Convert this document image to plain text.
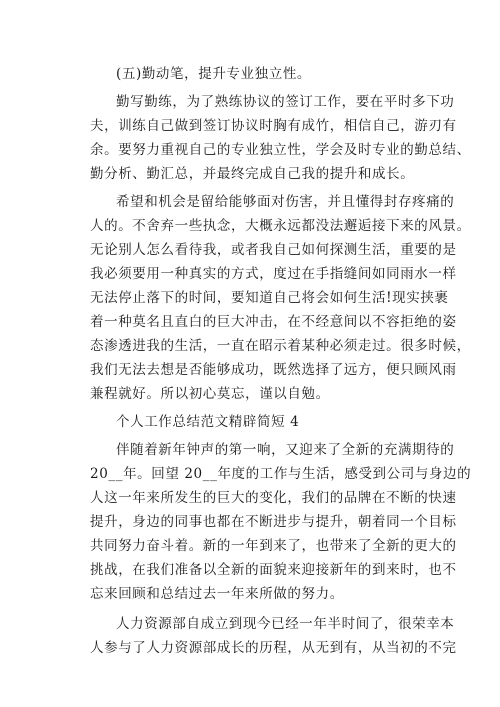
(五)勤动笔，提升专业独立性。
勤写勤练，为了熟练协议的签订工作，要在平时多下功
夫，训练自己做到签订协议时胸有成竹，相信自己，游刃有
余。要努力重视自己的专业独立性，学会及时专业的勤总结、
勤分析、勤汇总，并最终完成自己我的提升和成长。
希望和机会是留给能够面对伤害，并且懂得封存疼痛的
人的。不舍弃一些执念，大概永远都没法邂逅接下来的风景。
无论别人怎么看待我，或者我自己如何探测生活，重要的是
我必须要用一种真实的方式，度过在手指缝间如同雨水一样
无法停止落下的时间，要知道自己将会如何生活!现实挟裹
着一种莫名且直白的巨大冲击，在不经意间以不容拒绝的姿
态渗透进我的生活，一直在昭示着某种必须走过。很多时候，
我们无法去想是否能够成功，既然选择了远方，便只顾风雨
兼程就好。所以初心莫忘，谨以自勉。
个人工作总结范文精辟简短 4
伴随着新年钟声的第一响，又迎来了全新的充满期待的
20__年。回望 20__年度的工作与生活，感受到公司与身边的
人这一年来所发生的巨大的变化，我们的品牌在不断的快速
提升，身边的同事也都在不断进步与提升，朝着同一个目标
共同努力奋斗着。新的一年到来了，也带来了全新的更大的
挑战，在我们准备以全新的面貌来迎接新年的到来时，也不
忘来回顾和总结过去一年来所做的努力。
人力资源部自成立到现今已经一年半时间了，很荣幸本
人参与了人力资源部成长的历程，从无到有，从当初的不完
